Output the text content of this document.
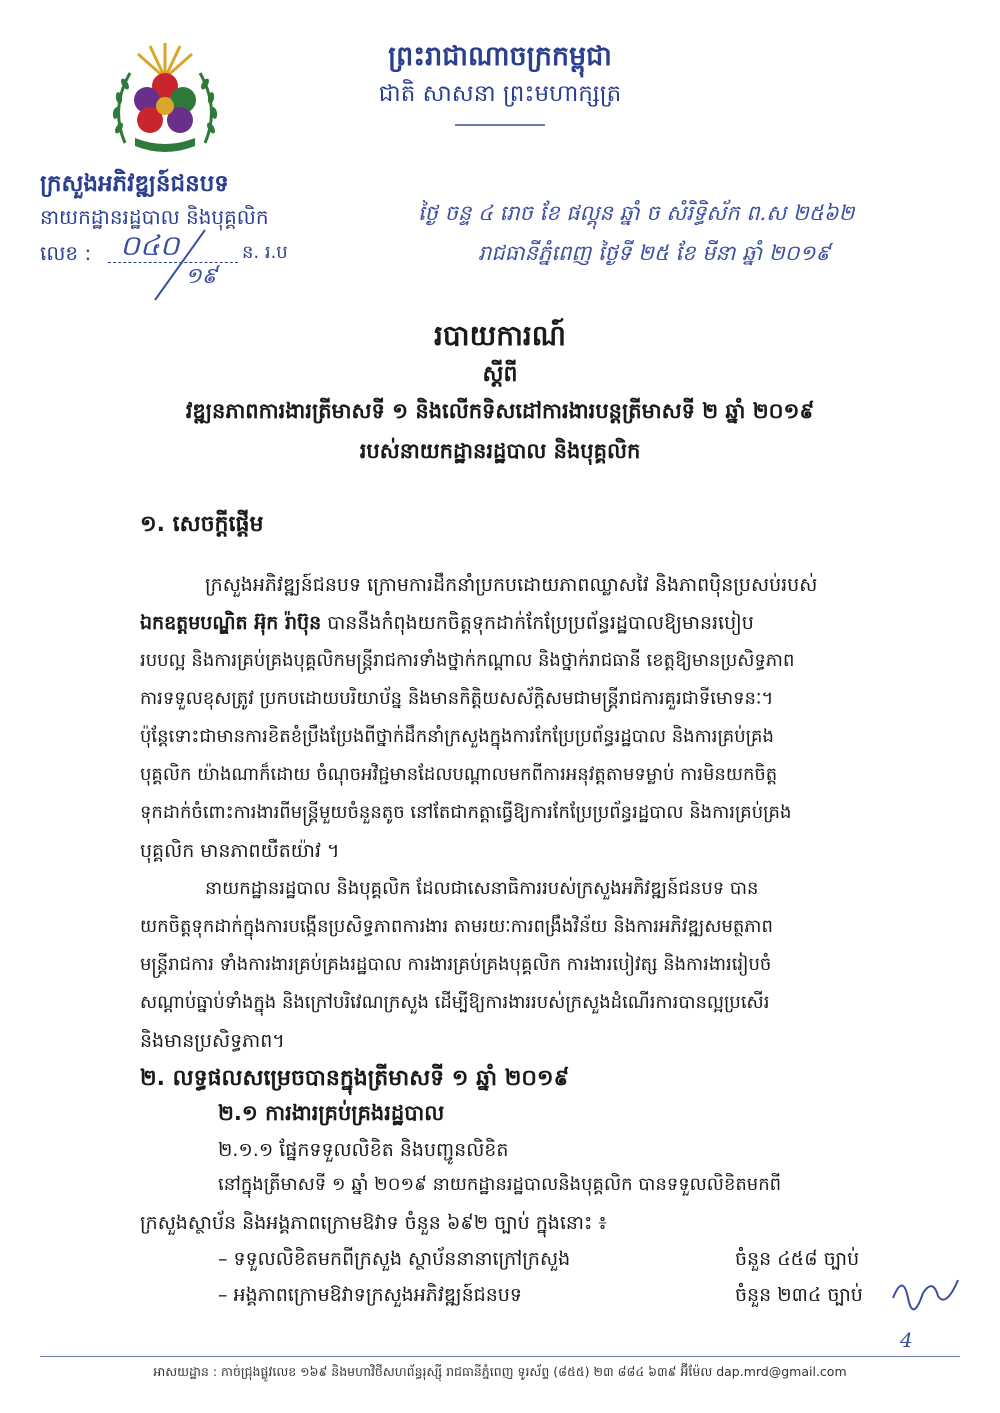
ព្រះរាជាណាចក្រកម្ពុជា
ជាតិ សាសនា ព្រះមហាក្សត្រ
ក្រសួងអភិវឌ្ឍន៍ជនបទ
នាយកដ្ឋានរដ្ឋបាល និងបុគ្គលិក
លេខ : ០៤០
១៩
ន. រ.ប
ថ្ងៃ ចន្ទ ៤ រោច ខែ ផល្គុន ឆ្នាំ ច សំរិទ្ធិស័ក ព.ស ២៥៦២
រាជធានីភ្នំពេញ ថ្ងៃទី ២៥ ខែ មីនា ឆ្នាំ ២០១៩
របាយការណ៍
ស្តីពី
វឌ្ឍនភាពការងារត្រីមាសទី ១ និងលើកទិសដៅការងារបន្តត្រីមាសទី ២ ឆ្នាំ ២០១៩
របស់នាយកដ្ឋានរដ្ឋបាល និងបុគ្គលិក
១. សេចក្តីផ្តើម
ក្រសួងអភិវឌ្ឍន៍ជនបទ ក្រោមការដឹកនាំប្រកបដោយភាពឈ្លាសវៃ និងភាពប៉ិនប្រសប់របស់
ឯកឧត្តមបណ្ឌិត អ៊ុក រ៉ាប៊ុន បាននឹងកំពុងយកចិត្តទុកដាក់កែប្រែប្រព័ន្ធរដ្ឋបាលឱ្យមានរបៀប
របបល្អ និងការគ្រប់គ្រងបុគ្គលិកមន្ត្រីរាជការទាំងថ្នាក់កណ្តាល និងថ្នាក់រាជធានី ខេត្តឱ្យមានប្រសិទ្ធភាព
ការទទួលខុសត្រូវ ប្រកបដោយបរិយាប័ន្ន និងមានកិត្តិយសស័ក្តិសមជាមន្ត្រីរាជការគួរជាទីមោទនៈ។
ប៉ុន្តែទោះជាមានការខិតខំប្រឹងប្រែងពីថ្នាក់ដឹកនាំក្រសួងក្នុងការកែប្រែប្រព័ន្ធរដ្ឋបាល និងការគ្រប់គ្រង
បុគ្គលិក យ៉ាងណាក៏ដោយ ចំណុចអវិជ្ជមានដែលបណ្តាលមកពីការអនុវត្តតាមទម្លាប់ ការមិនយកចិត្ត
ទុកដាក់ចំពោះការងារពីមន្ត្រីមួយចំនួនតូច នៅតែជាកត្តាធ្វើឱ្យការកែប្រែប្រព័ន្ធរដ្ឋបាល និងការគ្រប់គ្រង
បុគ្គលិក មានភាពយឺតយ៉ាវ ។
នាយកដ្ឋានរដ្ឋបាល និងបុគ្គលិក ដែលជាសេនាធិការរបស់ក្រសួងអភិវឌ្ឍន៍ជនបទ បាន
យកចិត្តទុកដាក់ក្នុងការបង្កើនប្រសិទ្ធភាពការងារ តាមរយៈការពង្រឹងវិន័យ និងការអភិវឌ្ឍសមត្ថភាព
មន្ត្រីរាជការ ទាំងការងារគ្រប់គ្រងរដ្ឋបាល ការងារគ្រប់គ្រងបុគ្គលិក ការងារបៀវត្ស និងការងាររៀបចំ
សណ្តាប់ធ្នាប់ទាំងក្នុង និងក្រៅបរិវេណក្រសួង ដើម្បីឱ្យការងាររបស់ក្រសួងដំណើរការបានល្អប្រសើរ
និងមានប្រសិទ្ធភាព។
២. លទ្ធផលសម្រេចបានក្នុងត្រីមាសទី ១ ឆ្នាំ ២០១៩
២.១ ការងារគ្រប់គ្រងរដ្ឋបាល
២.១.១ ផ្នែកទទួលលិខិត និងបញ្ជូនលិខិត
នៅក្នុងត្រីមាសទី ១ ឆ្នាំ ២០១៩ នាយកដ្ឋានរដ្ឋបាលនិងបុគ្គលិក បានទទួលលិខិតមកពី
ក្រសួងស្ថាប័ន និងអង្គភាពក្រោមឱវាទ ចំនួន ៦៩២ ច្បាប់ ក្នុងនោះ ៖
– ទទួលលិខិតមកពីក្រសួង ស្ថាប័ននានាក្រៅក្រសួង	ចំនួន ៤៥៨ ច្បាប់
– អង្គភាពក្រោមឱវាទក្រសួងអភិវឌ្ឍន៍ជនបទ	ចំនួន ២៣៤ ច្បាប់
4
អាសយដ្ឋាន : កាច់ជ្រុងផ្លូវលេខ ១៦៩ និងមហាវិថីសហព័ន្ធរុស្ស៊ី រាជធានីភ្នំពេញ ទូរស័ព្ទ (៨៥៥) ២៣ ៨៨៤ ៦៣៩ អ៊ីម៉ែល dap.mrd@gmail.com
